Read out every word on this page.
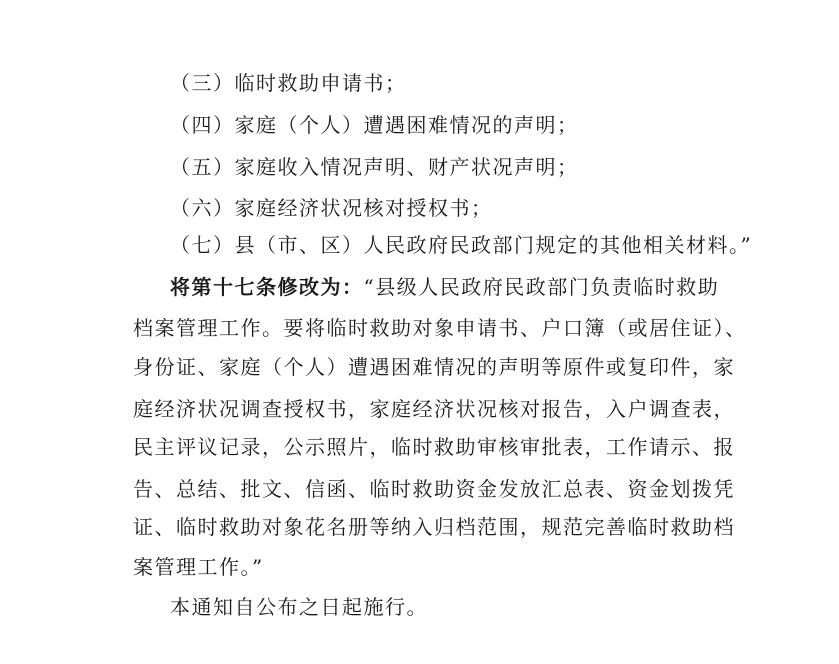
（三）临时救助申请书；
（四）家庭（个人）遭遇困难情况的声明；
（五）家庭收入情况声明、财产状况声明；
（六）家庭经济状况核对授权书；
（七）县（市、区）人民政府民政部门规定的其他相关材料。”
将第十七条修改为：“县级人民政府民政部门负责临时救助
档案管理工作。要将临时救助对象申请书、户口簿（或居住证）、
身份证、家庭（个人）遭遇困难情况的声明等原件或复印件，家
庭经济状况调查授权书，家庭经济状况核对报告，入户调查表，
民主评议记录，公示照片，临时救助审核审批表，工作请示、报
告、总结、批文、信函、临时救助资金发放汇总表、资金划拨凭
证、临时救助对象花名册等纳入归档范围，规范完善临时救助档
案管理工作。”
本通知自公布之日起施行。
